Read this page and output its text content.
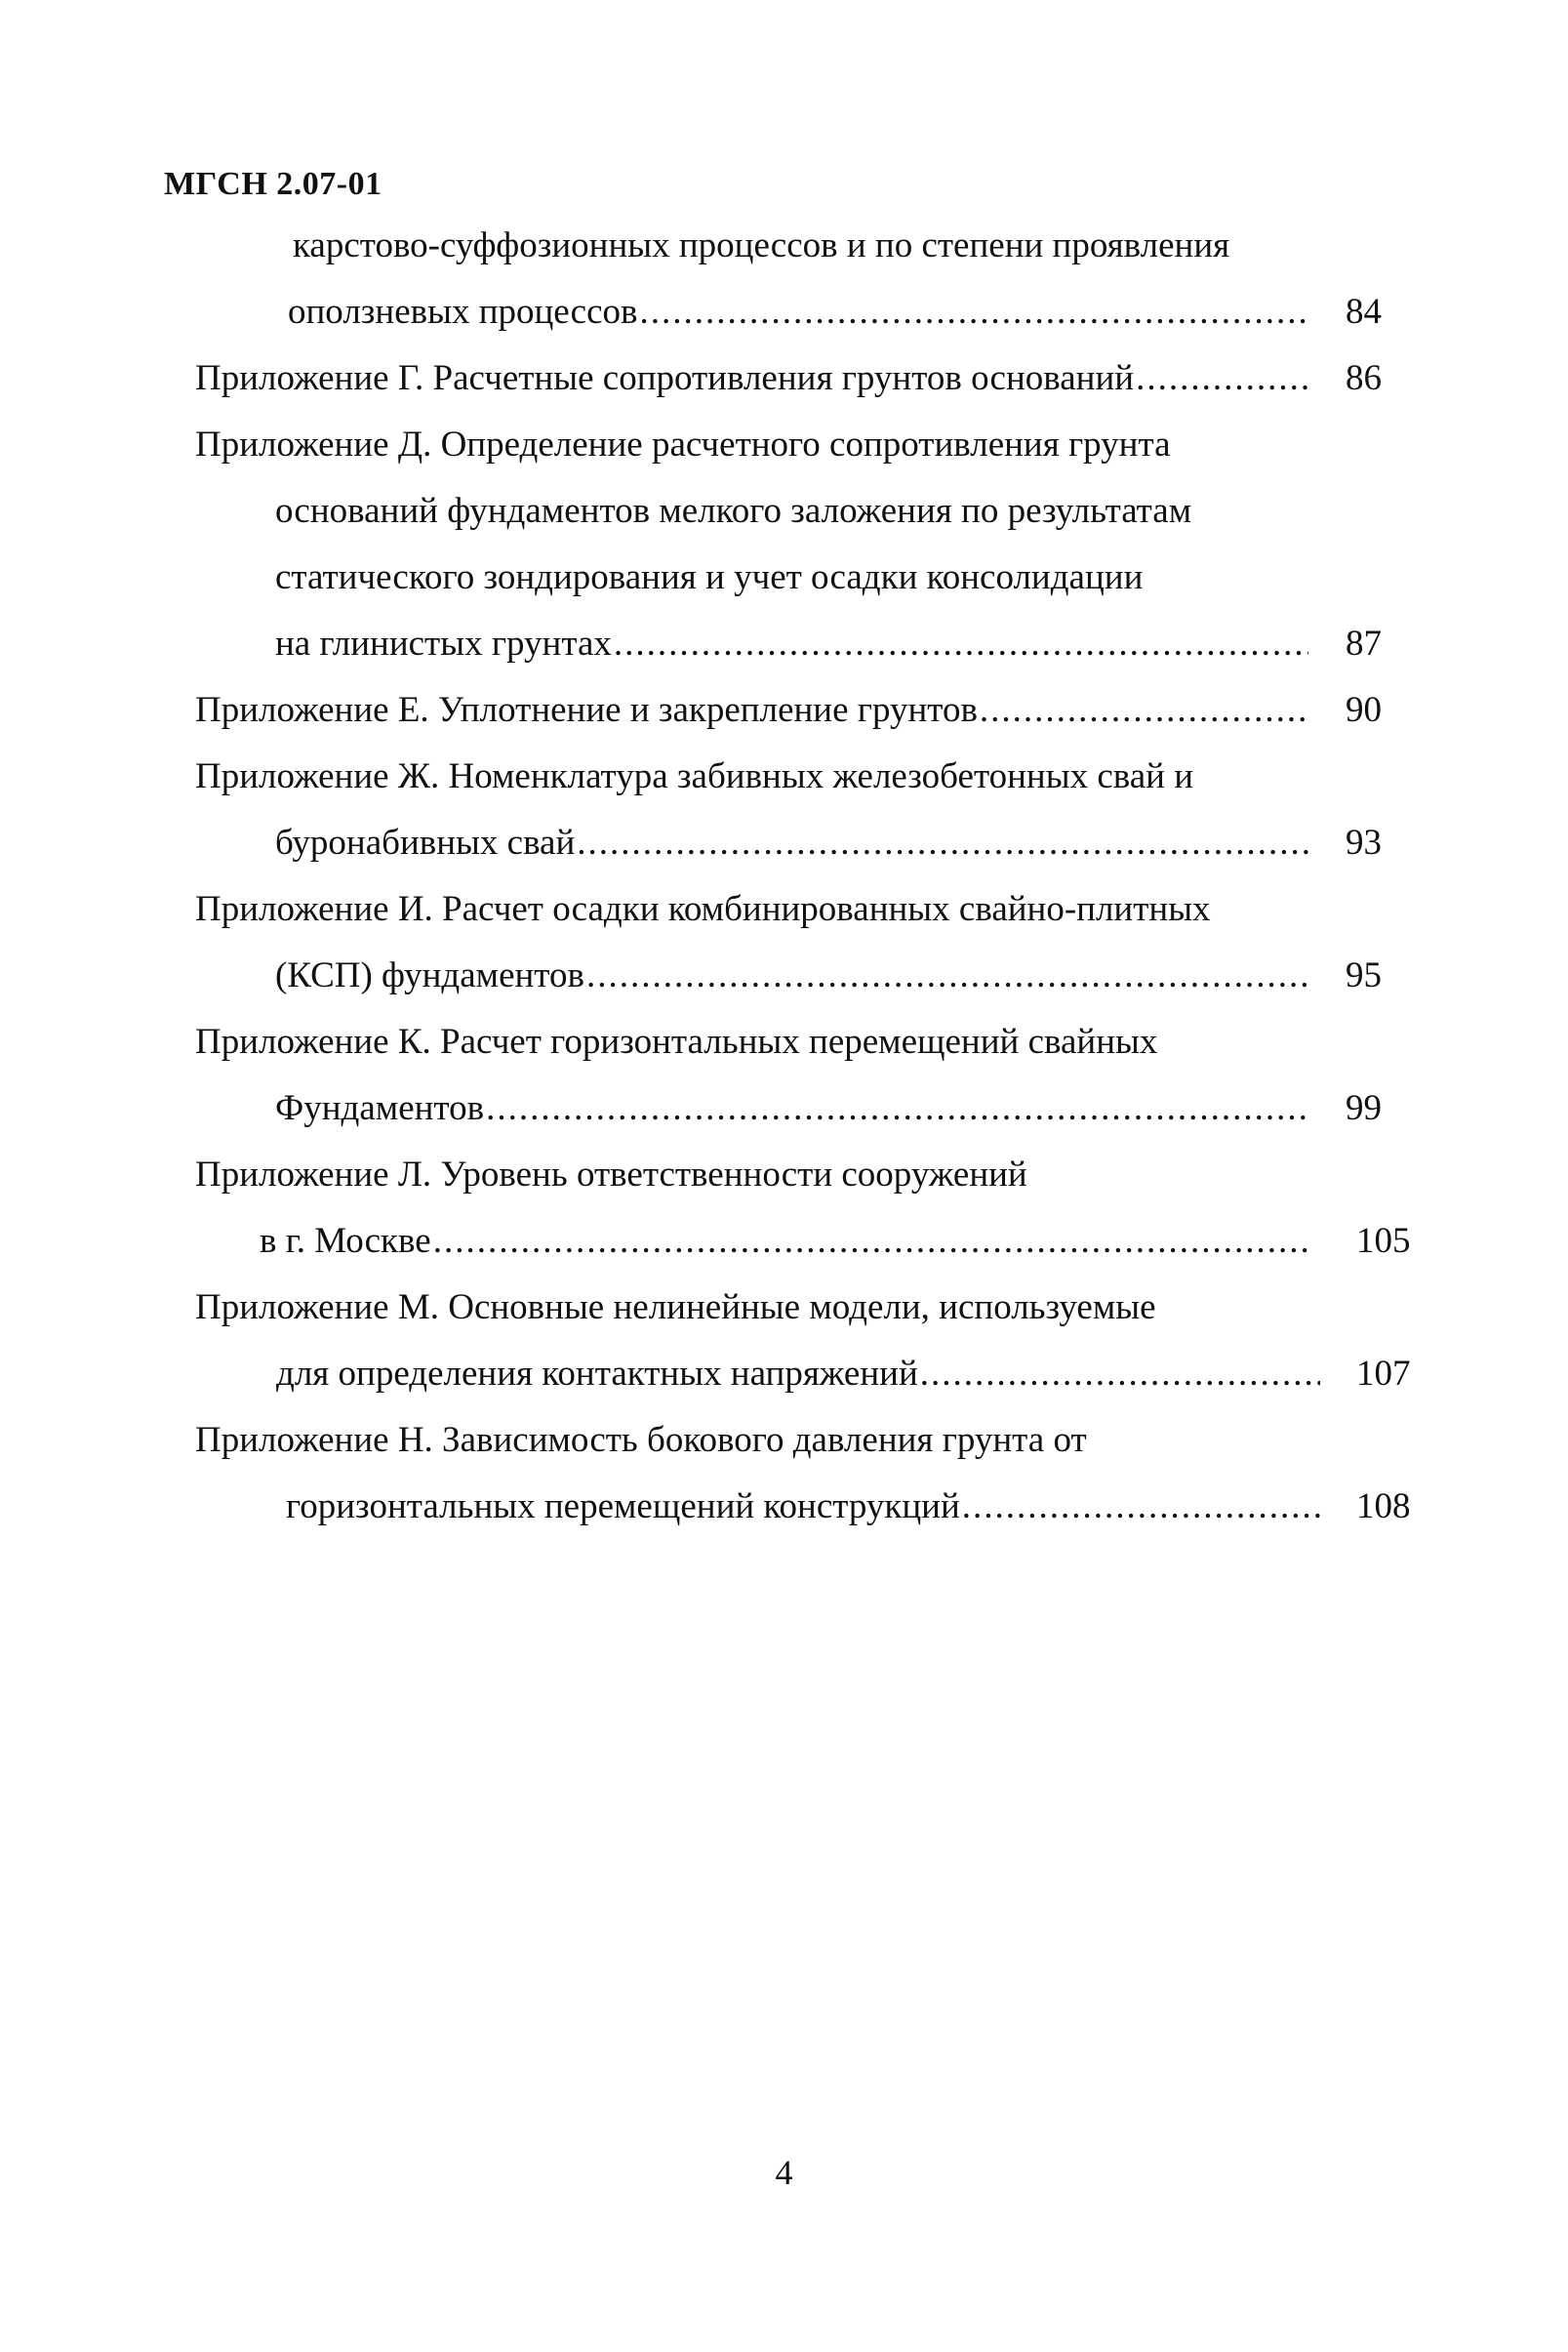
МГСН 2.07-01
карстово-суффозионных процессов и по степени проявления
оползневых процессов .....	84
Приложение Г. Расчетные сопротивления грунтов оснований .....	86
Приложение Д. Определение расчетного сопротивления грунта
оснований фундаментов мелкого заложения по результатам
статического зондирования и учет осадки консолидации
на глинистых грунтах .....	87
Приложение Е. Уплотнение и закрепление грунтов .....	90
Приложение Ж. Номенклатура забивных железобетонных свай и
буронабивных свай .....	93
Приложение И. Расчет осадки комбинированных свайно-плитных
(КСП) фундаментов .....	95
Приложение К. Расчет горизонтальных перемещений свайных
Фундаментов .....	99
Приложение Л. Уровень ответственности сооружений
в г. Москве .....	105
Приложение М. Основные нелинейные модели, используемые
для определения контактных напряжений .....	107
Приложение Н. Зависимость бокового давления грунта от
горизонтальных перемещений конструкций .....	108
4
